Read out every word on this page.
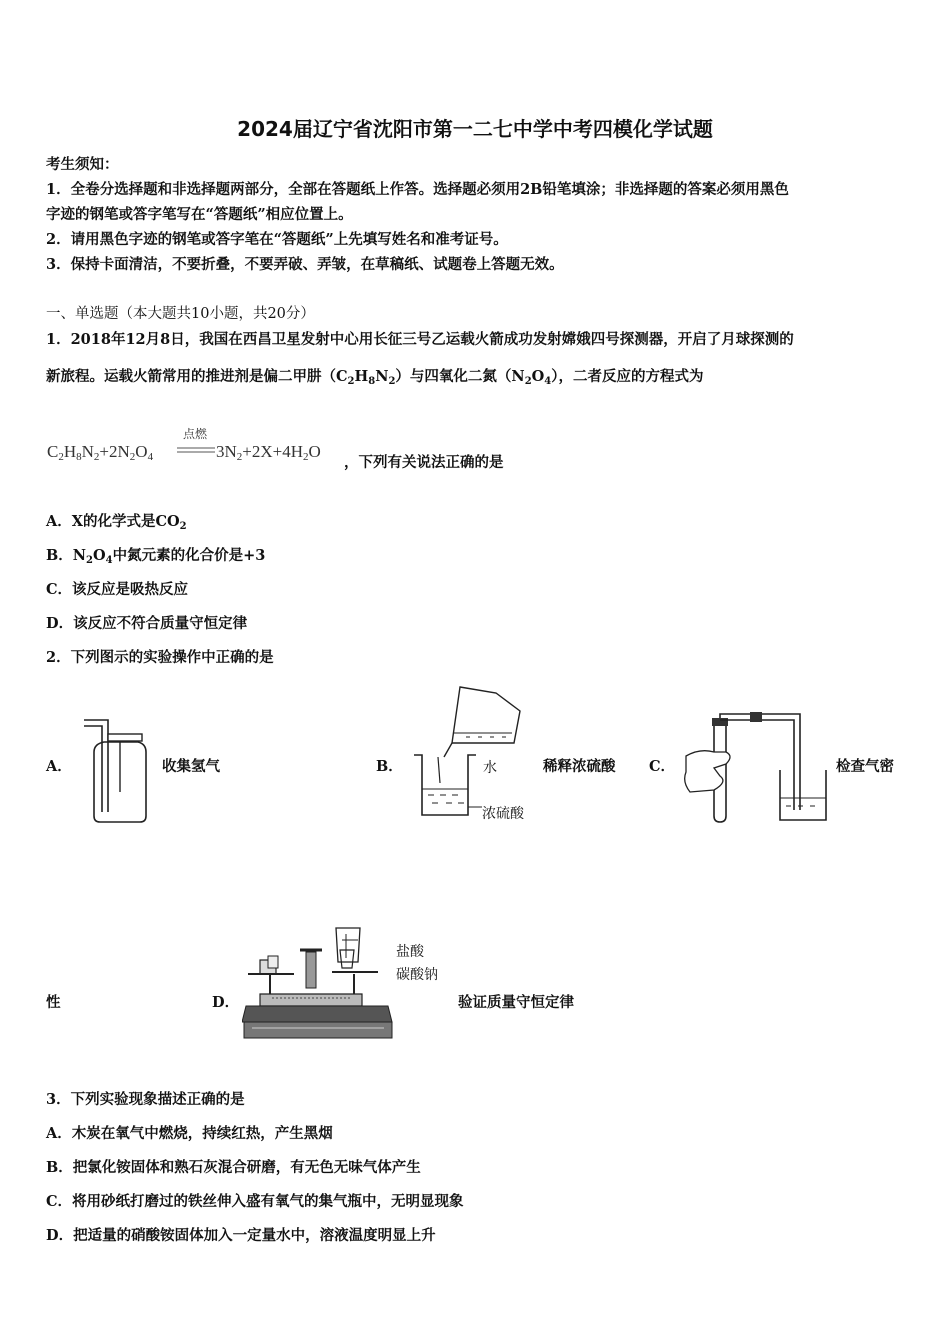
2024届辽宁省沈阳市第一二七中学中考四模化学试题
考生须知：
1．全卷分选择题和非选择题两部分，全部在答题纸上作答。选择题必须用2B铅笔填涂；非选择题的答案必须用黑色
字迹的钢笔或答字笔写在“答题纸”相应位置上。
2．请用黑色字迹的钢笔或答字笔在“答题纸”上先填写姓名和准考证号。
3．保持卡面清洁，不要折叠，不要弄破、弄皱，在草稿纸、试题卷上答题无效。
一、单选题（本大题共10小题，共20分）
1．2018年12月8日，我国在西昌卫星发射中心用长征三号乙运载火箭成功发射嫦娥四号探测器，开启了月球探测的
新旅程。运载火箭常用的推进剂是偏二甲肼$(C_2H_8N_2)$与四氧化二氮$(N_2O_4)$，二者反应的方程式为
$C_2H_8N_2+2N_2O_4$
点燃
$3N_2+2X+4H_2O$
，下列有关说法正确的是
A．X的化学式是$CO_2$
B．$N_2O_4$中氮元素的化合价是+3
C．该反应是吸热反应
D．该反应不符合质量守恒定律
2．下列图示的实验操作中正确的是
A．	收集氢气	B．	水
浓硫酸
稀释浓硫酸 C．	检查气密
性	D．
盐酸
碳酸钠
验证质量守恒定律
3．下列实验现象描述正确的是
A．木炭在氧气中燃烧，持续红热，产生黑烟
B．把氯化铵固体和熟石灰混合研磨，有无色无味气体产生
C．将用砂纸打磨过的铁丝伸入盛有氧气的集气瓶中，无明显现象
D．把适量的硝酸铵固体加入一定量水中，溶液温度明显上升
